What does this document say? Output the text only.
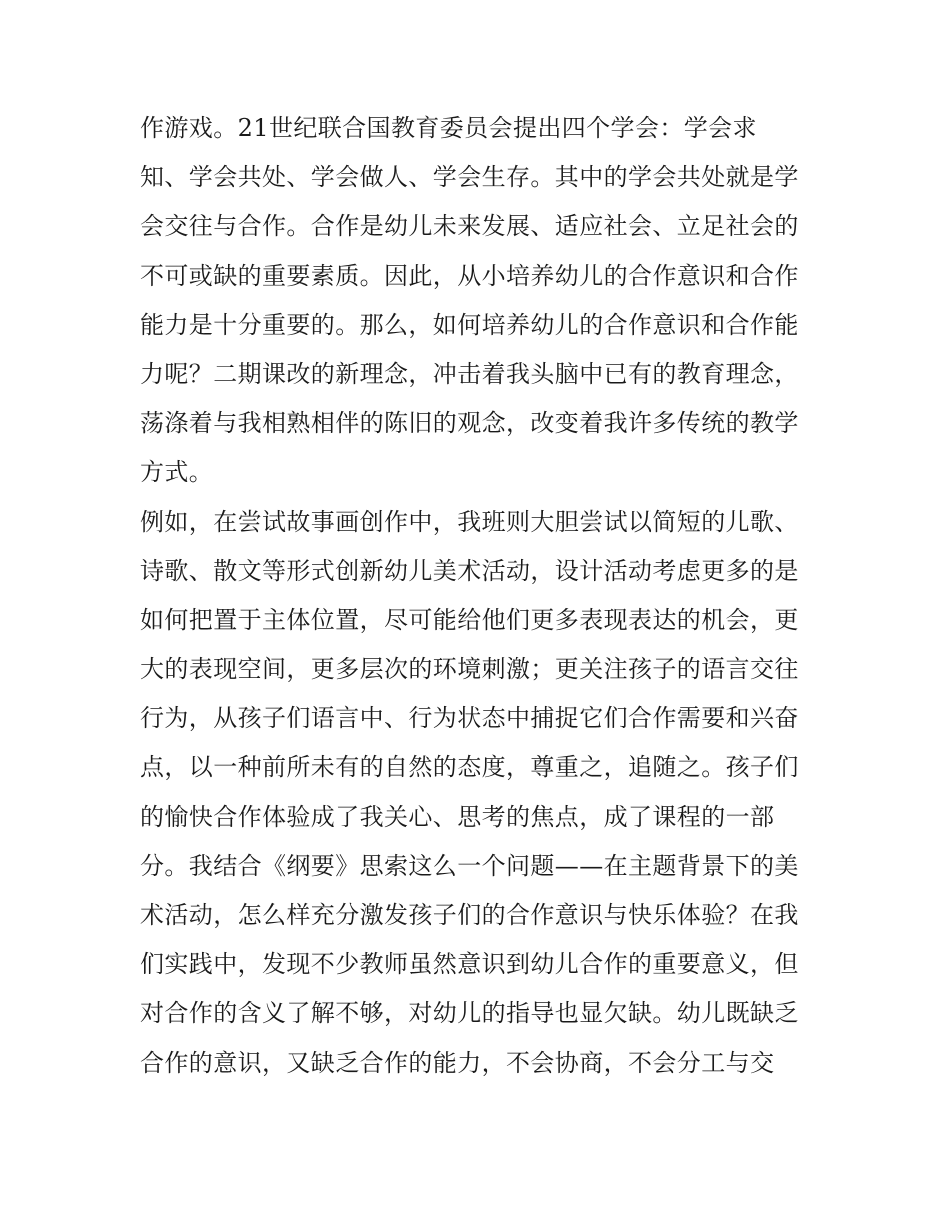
作游戏。21世纪联合国教育委员会提出四个学会：学会求
知、学会共处、学会做人、学会生存。其中的学会共处就是学
会交往与合作。合作是幼儿未来发展、适应社会、立足社会的
不可或缺的重要素质。因此，从小培养幼儿的合作意识和合作
能力是十分重要的。那么，如何培养幼儿的合作意识和合作能
力呢？二期课改的新理念，冲击着我头脑中已有的教育理念，
荡涤着与我相熟相伴的陈旧的观念，改变着我许多传统的教学
方式。
例如，在尝试故事画创作中，我班则大胆尝试以简短的儿歌、
诗歌、散文等形式创新幼儿美术活动，设计活动考虑更多的是
如何把置于主体位置，尽可能给他们更多表现表达的机会，更
大的表现空间，更多层次的环境刺激；更关注孩子的语言交往
行为，从孩子们语言中、行为状态中捕捉它们合作需要和兴奋
点，以一种前所未有的自然的态度，尊重之，追随之。孩子们
的愉快合作体验成了我关心、思考的焦点，成了课程的一部
分。我结合《纲要》思索这么一个问题——在主题背景下的美
术活动，怎么样充分激发孩子们的合作意识与快乐体验？在我
们实践中，发现不少教师虽然意识到幼儿合作的重要意义，但
对合作的含义了解不够，对幼儿的指导也显欠缺。幼儿既缺乏
合作的意识，又缺乏合作的能力，不会协商，不会分工与交
